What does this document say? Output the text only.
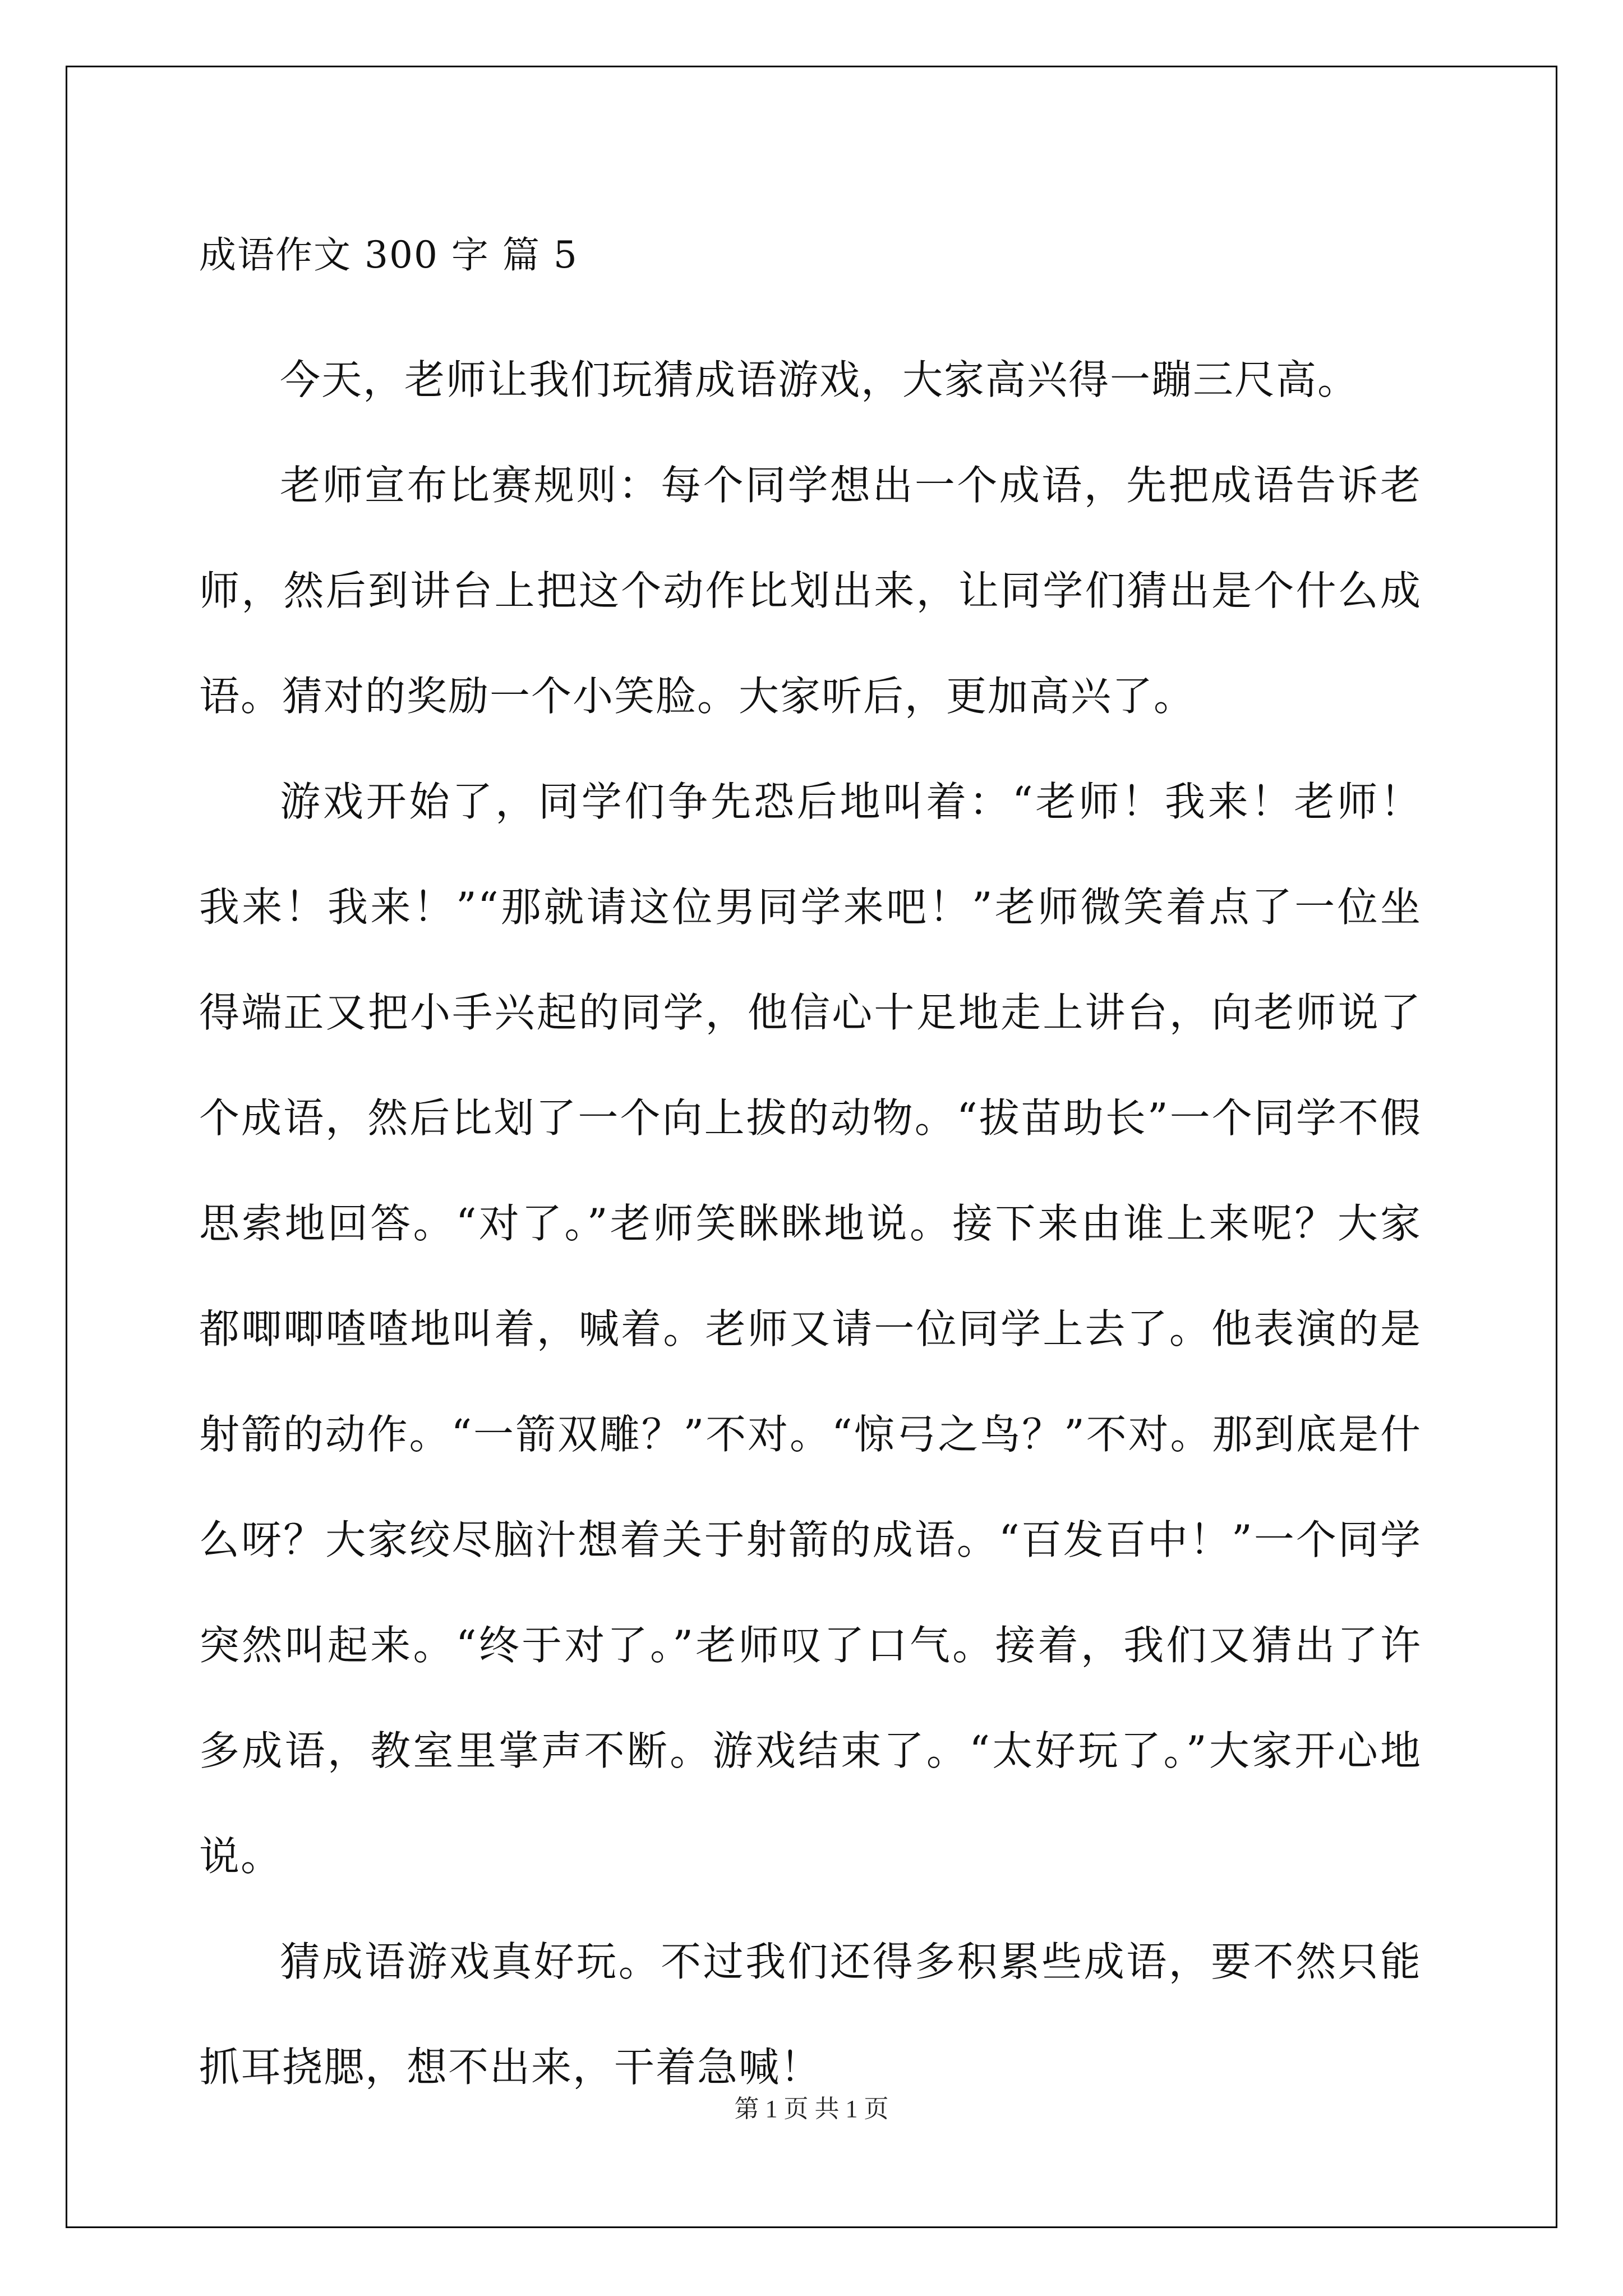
成语作文 300 字 篇 5

今天，老师让我们玩猜成语游戏，大家高兴得一蹦三尺高。

老师宣布比赛规则：每个同学想出一个成语，先把成语告诉老师，然后到讲台上把这个动作比划出来，让同学们猜出是个什么成语。猜对的奖励一个小笑脸。大家听后，更加高兴了。

游戏开始了，同学们争先恐后地叫着：“老师！我来！老师！我来！我来！”“那就请这位男同学来吧！”老师微笑着点了一位坐得端正又把小手兴起的同学，他信心十足地走上讲台，向老师说了个成语，然后比划了一个向上拔的动物。“拔苗助长”一个同学不假思索地回答。“对了。”老师笑眯眯地说。接下来由谁上来呢？大家都唧唧喳喳地叫着，喊着。老师又请一位同学上去了。他表演的是射箭的动作。“一箭双雕？”不对。“惊弓之鸟？”不对。那到底是什么呀？大家绞尽脑汁想着关于射箭的成语。“百发百中！”一个同学突然叫起来。“终于对了。”老师叹了口气。接着，我们又猜出了许多成语，教室里掌声不断。游戏结束了。“太好玩了。”大家开心地说。

猜成语游戏真好玩。不过我们还得多积累些成语，要不然只能抓耳挠腮，想不出来，干着急喊！

第 1 页 共 1 页
